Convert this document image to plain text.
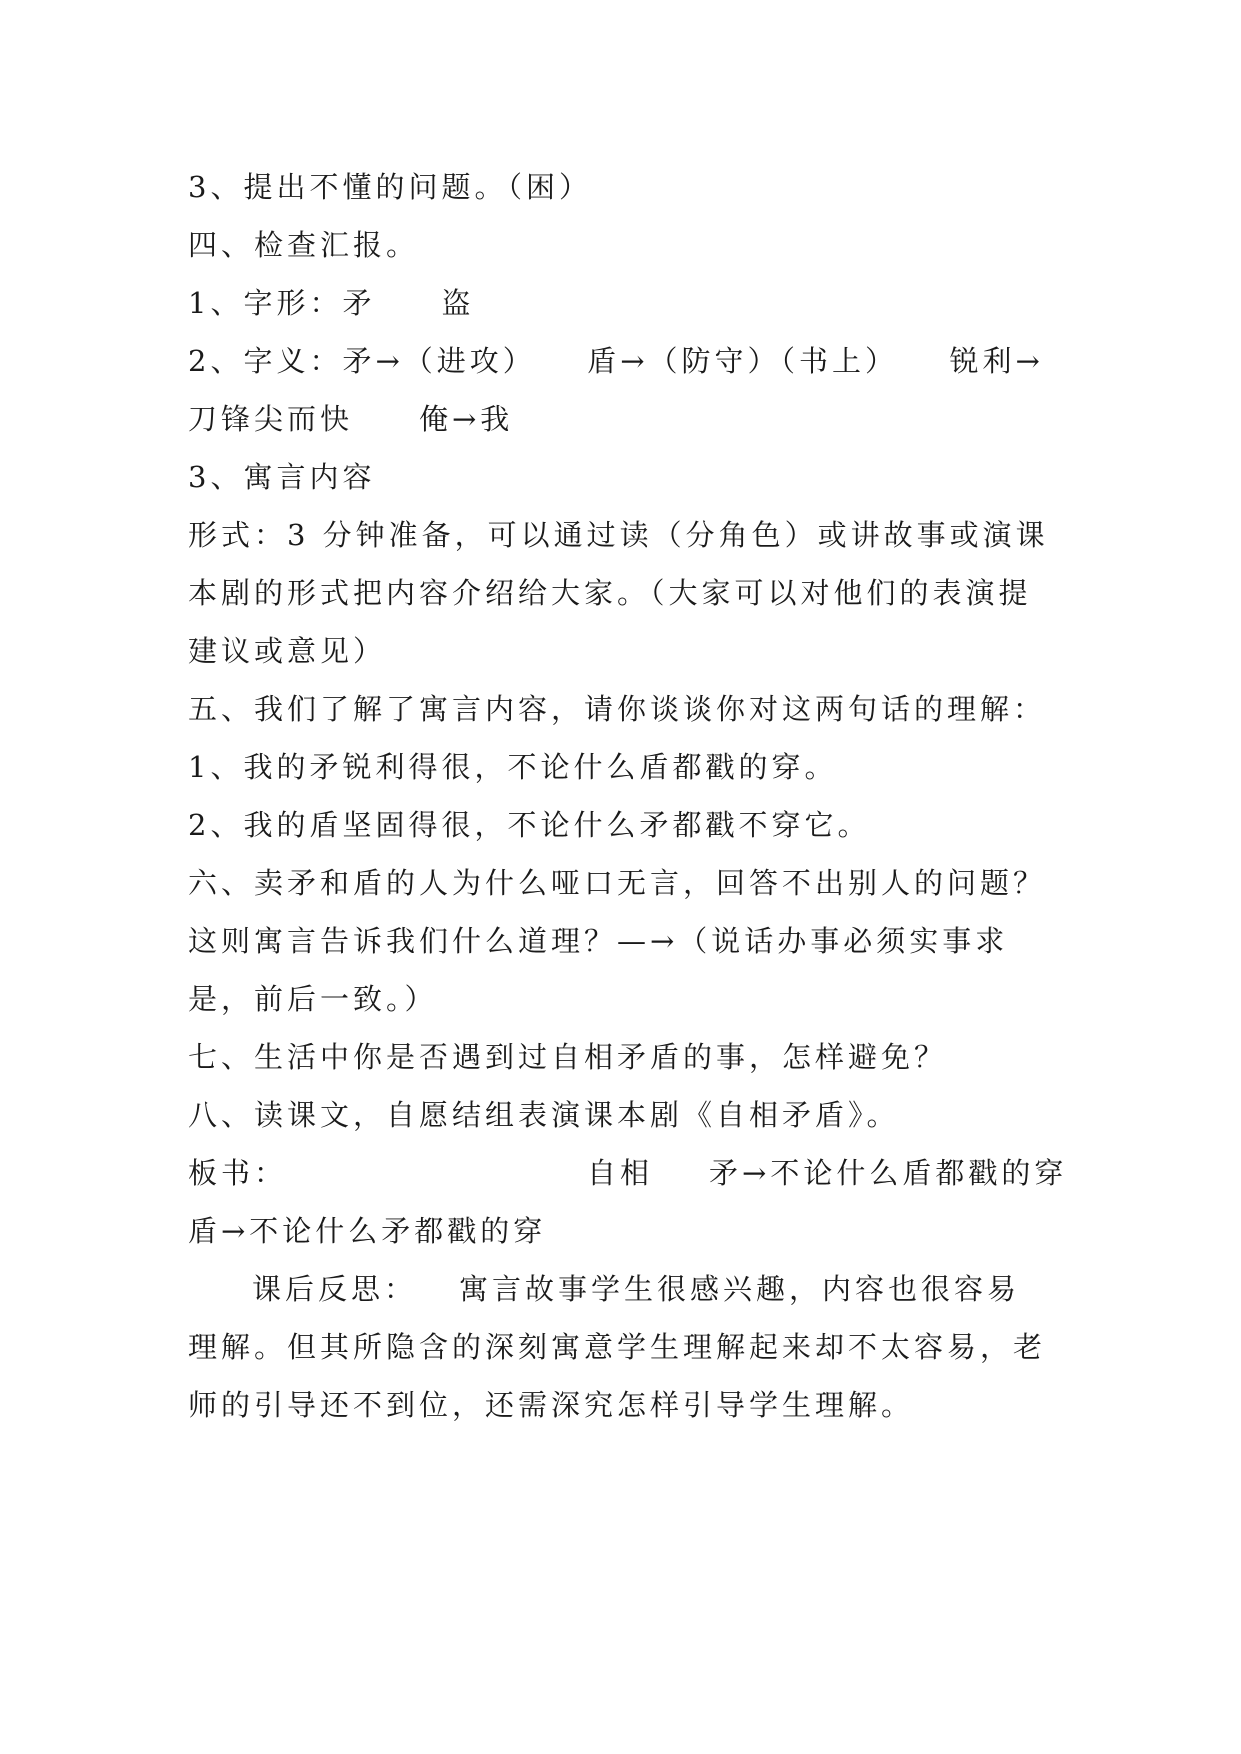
3、提出不懂的问题。（困）
四、检查汇报。
1、字形：矛　　盗
2、字义：矛→（进攻）　　盾→（防守）（书上）　　锐利→
刀锋尖而快　　俺→我
3、寓言内容
形式：3 分钟准备，可以通过读（分角色）或讲故事或演课
本剧的形式把内容介绍给大家。（大家可以对他们的表演提
建议或意见）
五、我们了解了寓言内容，请你谈谈你对这两句话的理解：
1、我的矛锐利得很，不论什么盾都戳的穿。
2、我的盾坚固得很，不论什么矛都戳不穿它。
六、卖矛和盾的人为什么哑口无言，回答不出别人的问题？
这则寓言告诉我们什么道理？—→（说话办事必须实事求
是，前后一致。）
七、生活中你是否遇到过自相矛盾的事，怎样避免？
八、读课文，自愿结组表演课本剧《自相矛盾》。
板书：	自相 矛→不论什么盾都戳的穿
盾→不论什么矛都戳的穿
课后反思： 寓言故事学生很感兴趣，内容也很容易
理解。但其所隐含的深刻寓意学生理解起来却不太容易，老
师的引导还不到位，还需深究怎样引导学生理解。
